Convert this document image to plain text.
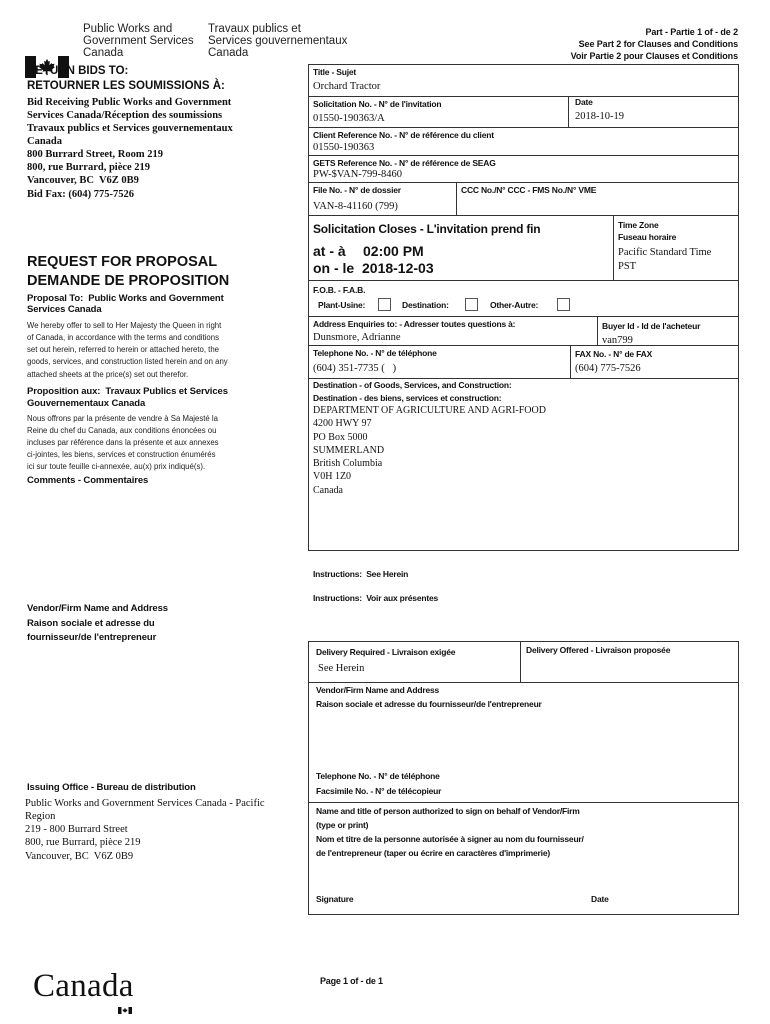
Public Works and
Government Services
Canada
Travaux publics et
Services gouvernementaux
Canada
Part - Partie 1 of - de 2
See Part 2 for Clauses and Conditions
Voir Partie 2 pour Clauses et Conditions
RETURN BIDS TO:
RETOURNER LES SOUMISSIONS À:
Bid Receiving Public Works and Government
Services Canada/Réception des soumissions
Travaux publics et Services gouvernementaux
Canada
800 Burrard Street, Room 219
800, rue Burrard, pièce 219
Vancouver, BC  V6Z 0B9
Bid Fax: (604) 775-7526
REQUEST FOR PROPOSAL
DEMANDE DE PROPOSITION
Proposal To:  Public Works and Government
Services Canada
We hereby offer to sell to Her Majesty the Queen in right
of Canada, in accordance with the terms and conditions
set out herein, referred to herein or attached hereto, the
goods, services, and construction listed herein and on any
attached sheets at the price(s) set out therefor.
Proposition aux:  Travaux Publics et Services
Gouvernementaux Canada
Nous offrons par la présente de vendre à Sa Majesté la
Reine du chef du Canada, aux conditions énoncées ou
incluses par référence dans la présente et aux annexes
ci-jointes, les biens, services et construction énumérés
ici sur toute feuille ci-annexée, au(x) prix indiqué(s).
Comments - Commentaires
Vendor/Firm Name and Address
Raison sociale et adresse du
fournisseur/de l'entrepreneur
Issuing Office - Bureau de distribution
Public Works and Government Services Canada - Pacific
Region
219 - 800 Burrard Street
800, rue Burrard, pièce 219
Vancouver, BC  V6Z 0B9
Title - Sujet
Orchard Tractor
Solicitation No. - N° de l'invitation
01550-190363/A
Date
2018-10-19
Client Reference No. - N° de référence du client
01550-190363
GETS Reference No. - N° de référence de SEAG
PW-$VAN-799-8460
File No. - N° de dossier
VAN-8-41160 (799)
CCC No./N° CCC - FMS No./N° VME
Solicitation Closes - L'invitation prend fin
at - à 02:00 PM
on - le 2018-12-03
Time Zone
Fuseau horaire
Pacific Standard Time
PST
F.O.B. - F.A.B.
Plant-Usine:	Destination:	Other-Autre:
Address Enquiries to: - Adresser toutes questions à:
Dunsmore, Adrianne
Buyer Id - Id de l'acheteur
van799
Telephone No. - N° de téléphone
(604) 351-7735 (   )
FAX No. - N° de FAX
(604) 775-7526
Destination - of Goods, Services, and Construction:
Destination - des biens, services et construction:
DEPARTMENT OF AGRICULTURE AND AGRI-FOOD
4200 HWY 97
PO Box 5000
SUMMERLAND
British Columbia
V0H 1Z0
Canada
Instructions:  See Herein
Instructions:  Voir aux présentes
Delivery Required - Livraison exigée
See Herein
Delivery Offered - Livraison proposée
Vendor/Firm Name and Address
Raison sociale et adresse du fournisseur/de l'entrepreneur
Telephone No. - N° de téléphone
Facsimile No. - N° de télécopieur
Name and title of person authorized to sign on behalf of Vendor/Firm
(type or print)
Nom et titre de la personne autorisée à signer au nom du fournisseur/
de l'entrepreneur (taper ou écrire en caractères d'imprimerie)
Signature	Date
Canada

	Page 1 of - de 1
